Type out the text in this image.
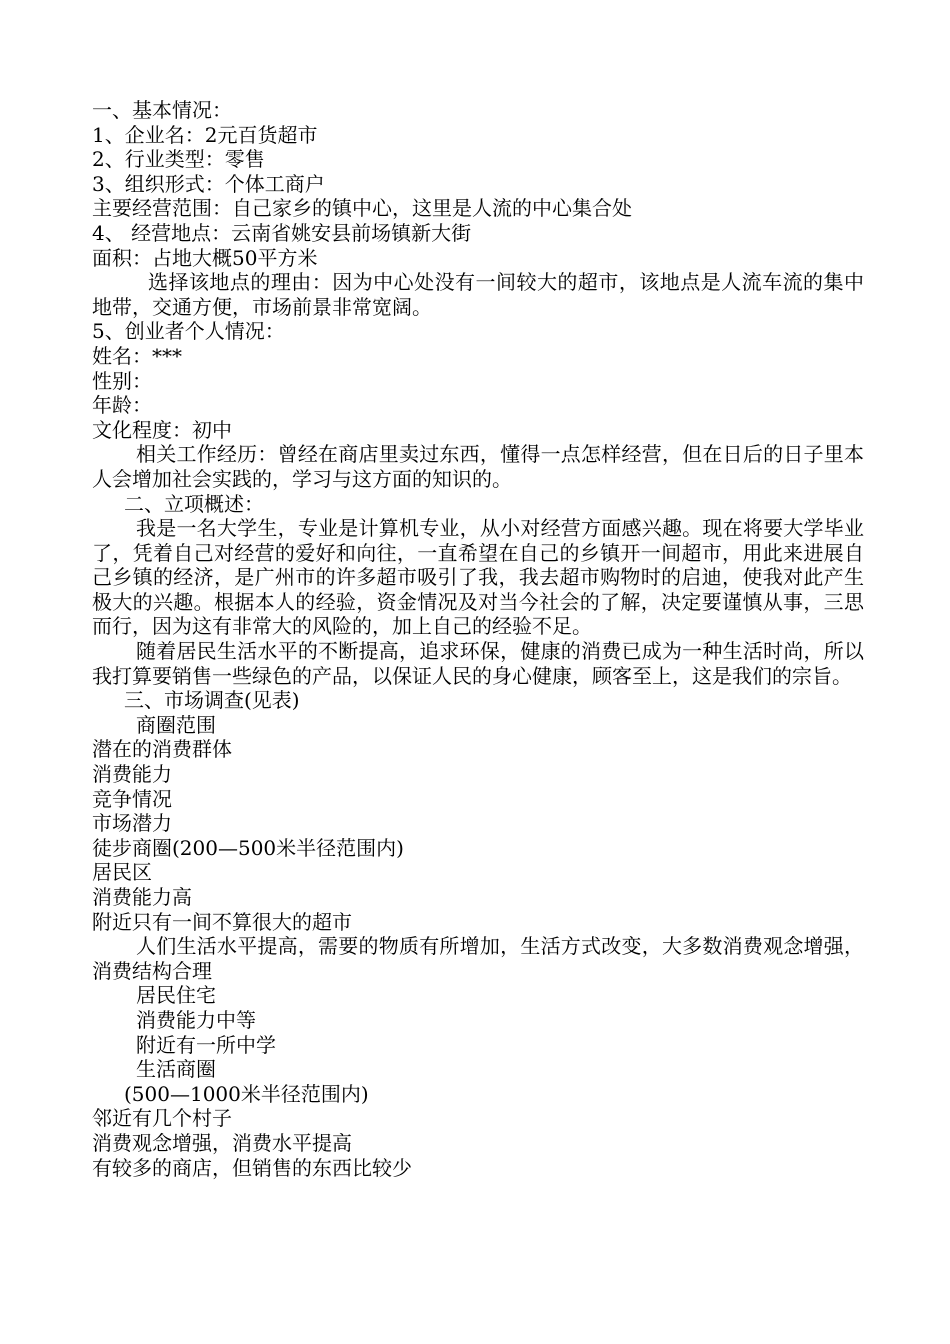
一、基本情况：

1、企业名：2元百货超市

2、行业类型：零售

3、组织形式：个体工商户

主要经营范围：自己家乡的镇中心，这里是人流的中心集合处

4、 经营地点：云南省姚安县前场镇新大街

面积：占地大概50平方米

选择该地点的理由：因为中心处没有一间较大的超市，该地点是人流车流的集中地带，交通方便，市场前景非常宽阔。

5、创业者个人情况：

姓名：***

性别：

年龄：

文化程度：初中

相关工作经历：曾经在商店里卖过东西，懂得一点怎样经营，但在日后的日子里本人会增加社会实践的，学习与这方面的知识的。

二、立项概述：

我是一名大学生，专业是计算机专业，从小对经营方面感兴趣。现在将要大学毕业了，凭着自己对经营的爱好和向往，一直希望在自己的乡镇开一间超市，用此来进展自己乡镇的经济，是广州市的许多超市吸引了我，我去超市购物时的启迪，使我对此产生极大的兴趣。根据本人的经验，资金情况及对当今社会的了解，决定要谨慎从事，三思而行，因为这有非常大的风险的，加上自己的经验不足。

随着居民生活水平的不断提高，追求环保，健康的消费已成为一种生活时尚，所以我打算要销售一些绿色的产品，以保证人民的身心健康，顾客至上，这是我们的宗旨。

三、市场调查(见表)

商圈范围

潜在的消费群体

消费能力

竞争情况

市场潜力

徒步商圈(200—500米半径范围内)

居民区

消费能力高

附近只有一间不算很大的超市

人们生活水平提高，需要的物质有所增加，生活方式改变，大多数消费观念增强，消费结构合理

居民住宅

消费能力中等

附近有一所中学

生活商圈

(500—1000米半径范围内)

邻近有几个村子

消费观念增强，消费水平提高

有较多的商店，但销售的东西比较少
